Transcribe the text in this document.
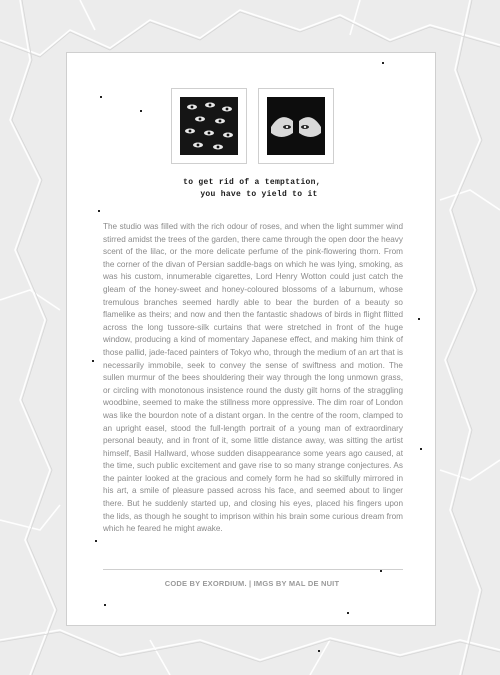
to get rid of a temptation,
you have to yield to it

The studio was filled with the rich odour of roses, and when the light summer wind stirred amidst the trees of the garden, there came through the open door the heavy scent of the lilac, or the more delicate perfume of the pink-flowering thorn. From the corner of the divan of Persian saddle-bags on which he was lying, smoking, as was his custom, innumerable cigarettes, Lord Henry Wotton could just catch the gleam of the honey-sweet and honey-coloured blossoms of a laburnum, whose tremulous branches seemed hardly able to bear the burden of a beauty so flamelike as theirs; and now and then the fantastic shadows of birds in flight flitted across the long tussore-silk curtains that were stretched in front of the huge window, producing a kind of momentary Japanese effect, and making him think of those pallid, jade-faced painters of Tokyo who, through the medium of an art that is necessarily immobile, seek to convey the sense of swiftness and motion. The sullen murmur of the bees shouldering their way through the long unmown grass, or circling with monotonous insistence round the dusty gilt horns of the straggling woodbine, seemed to make the stillness more oppressive. The dim roar of London was like the bourdon note of a distant organ. In the centre of the room, clamped to an upright easel, stood the full-length portrait of a young man of extraordinary personal beauty, and in front of it, some little distance away, was sitting the artist himself, Basil Hallward, whose sudden disappearance some years ago caused, at the time, such public excitement and gave rise to so many strange conjectures. As the painter looked at the gracious and comely form he had so skilfully mirrored in his art, a smile of pleasure passed across his face, and seemed about to linger there. But he suddenly started up, and closing his eyes, placed his fingers upon the lids, as though he sought to imprison within his brain some curious dream from which he feared he might awake.

CODE BY EXORDIUM. | IMGS BY MAL DE NUIT
